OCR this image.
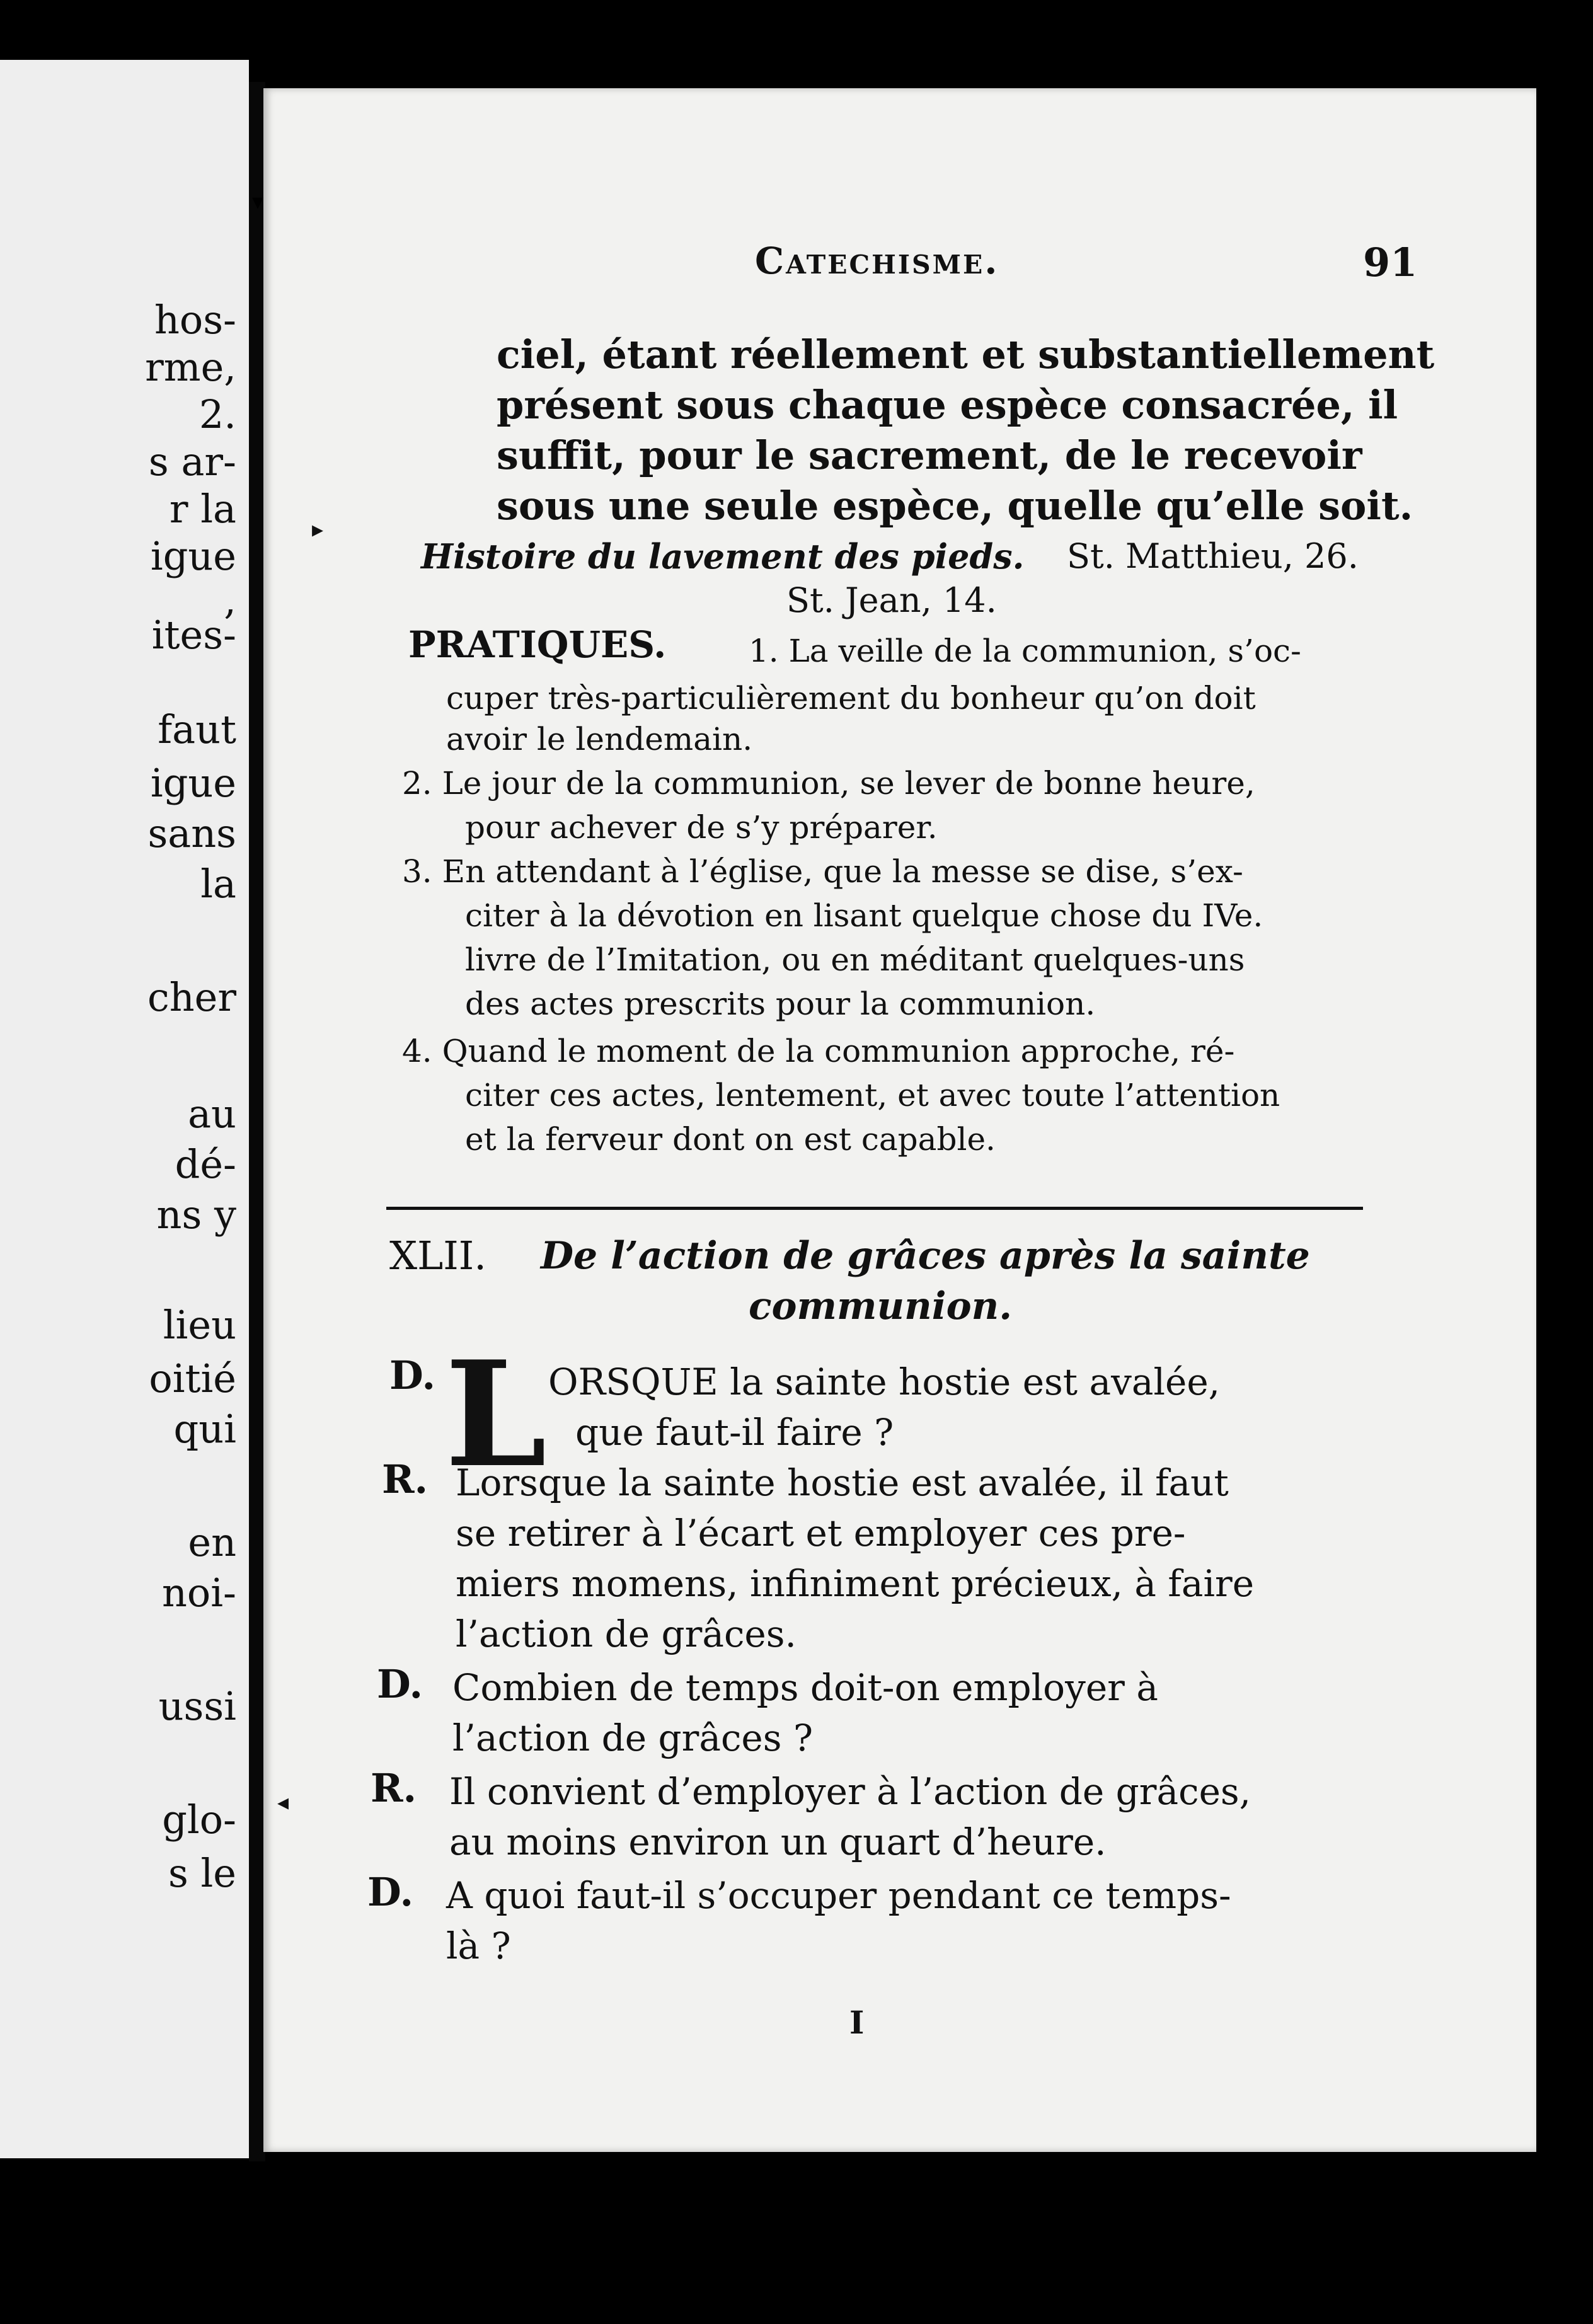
hos-
rme,
2.
s ar-
r la
igue
,
ites-
faut
igue
sans
la
cher
au
dé-
ns y
lieu
oitié
qui
en
noi-
ussi
glo-
s le
Catechisme.	91
ciel, étant réellement et substantiellement
présent sous chaque espèce consacrée, il
suffit, pour le sacrement, de le recevoir
sous une seule espèce, quelle qu’elle soit.
Histoire du lavement des pieds. St. Matthieu, 26.
St. Jean, 14.
PRATIQUES.	1. La veille de la communion, s’oc-
cuper très-particulièrement du bonheur qu’on doit
avoir le lendemain.
2. Le jour de la communion, se lever de bonne heure,
pour achever de s’y préparer.
3. En attendant à l’église, que la messe se dise, s’ex-
citer à la dévotion en lisant quelque chose du IVe.
livre de l’Imitation, ou en méditant quelques-uns
des actes prescrits pour la communion.
4. Quand le moment de la communion approche, ré-
citer ces actes, lentement, et avec toute l’attention
et la ferveur dont on est capable.
XLII. De l’action de grâces après la sainte
communion.
D. L ORSQUE la sainte hostie est avalée,
que faut-il faire ?
R. Lorsque la sainte hostie est avalée, il faut
se retirer à l’écart et employer ces pre-
miers momens, infiniment précieux, à faire
l’action de grâces.
D. Combien de temps doit-on employer à
l’action de grâces ?
R. Il convient d’employer à l’action de grâces,
au moins environ un quart d’heure.
D. A quoi faut-il s’occuper pendant ce temps-
là ?
I
▾
▸
◂
